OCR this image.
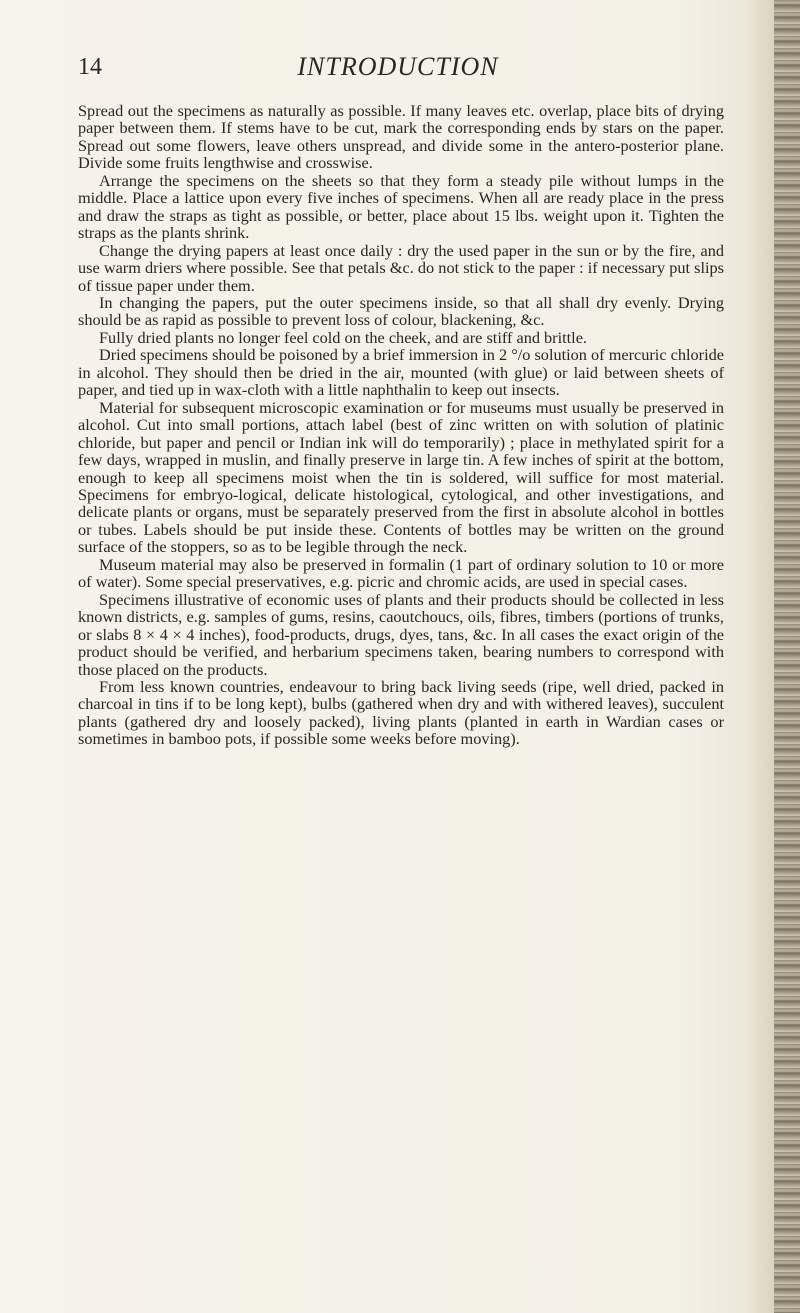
14	INTRODUCTION

Spread out the specimens as naturally as possible. If many leaves etc. overlap, place bits of drying paper between them. If stems have to be cut, mark the corresponding ends by stars on the paper. Spread out some flowers, leave others unspread, and divide some in the antero-posterior plane. Divide some fruits lengthwise and crosswise.

Arrange the specimens on the sheets so that they form a steady pile without lumps in the middle. Place a lattice upon every five inches of specimens. When all are ready place in the press and draw the straps as tight as possible, or better, place about 15 lbs. weight upon it. Tighten the straps as the plants shrink.

Change the drying papers at least once daily : dry the used paper in the sun or by the fire, and use warm driers where possible. See that petals &c. do not stick to the paper : if necessary put slips of tissue paper under them.

In changing the papers, put the outer specimens inside, so that all shall dry evenly. Drying should be as rapid as possible to prevent loss of colour, blackening, &c.

Fully dried plants no longer feel cold on the cheek, and are stiff and brittle.

Dried specimens should be poisoned by a brief immersion in 2 °/o solution of mercuric chloride in alcohol. They should then be dried in the air, mounted (with glue) or laid between sheets of paper, and tied up in wax-cloth with a little naphthalin to keep out insects.

Material for subsequent microscopic examination or for museums must usually be preserved in alcohol. Cut into small portions, attach label (best of zinc written on with solution of platinic chloride, but paper and pencil or Indian ink will do temporarily) ; place in methylated spirit for a few days, wrapped in muslin, and finally preserve in large tin. A few inches of spirit at the bottom, enough to keep all specimens moist when the tin is soldered, will suffice for most material. Specimens for embryo-logical, delicate histological, cytological, and other investigations, and delicate plants or organs, must be separately preserved from the first in absolute alcohol in bottles or tubes. Labels should be put inside these. Contents of bottles may be written on the ground surface of the stoppers, so as to be legible through the neck.

Museum material may also be preserved in formalin (1 part of ordinary solution to 10 or more of water). Some special preservatives, e.g. picric and chromic acids, are used in special cases.

Specimens illustrative of economic uses of plants and their products should be collected in less known districts, e.g. samples of gums, resins, caoutchoucs, oils, fibres, timbers (portions of trunks, or slabs 8 × 4 × 4 inches), food-products, drugs, dyes, tans, &c. In all cases the exact origin of the product should be verified, and herbarium specimens taken, bearing numbers to correspond with those placed on the products.

From less known countries, endeavour to bring back living seeds (ripe, well dried, packed in charcoal in tins if to be long kept), bulbs (gathered when dry and with withered leaves), succulent plants (gathered dry and loosely packed), living plants (planted in earth in Wardian cases or sometimes in bamboo pots, if possible some weeks before moving).
